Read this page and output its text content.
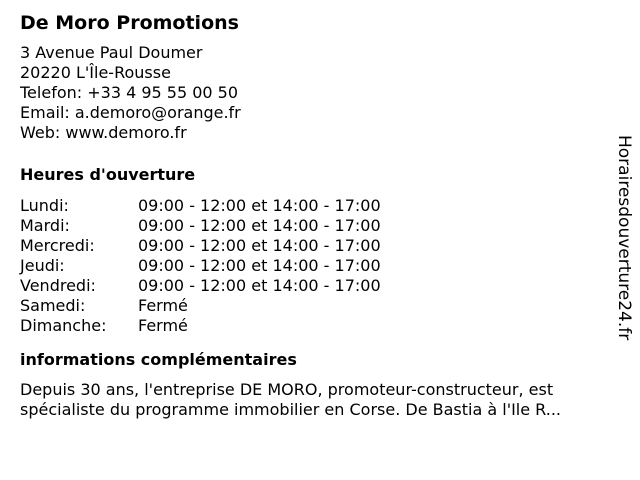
De Moro Promotions
3 Avenue Paul Doumer
20220 L'Île-Rousse
Telefon: +33 4 95 55 00 50
Email: a.demoro@orange.fr
Web: www.demoro.fr
Heures d'ouverture
Lundi:	09:00 - 12:00 et 14:00 - 17:00
Mardi:	09:00 - 12:00 et 14:00 - 17:00
Mercredi:	09:00 - 12:00 et 14:00 - 17:00
Jeudi:	09:00 - 12:00 et 14:00 - 17:00
Vendredi:	09:00 - 12:00 et 14:00 - 17:00
Samedi:	Fermé
Dimanche:	Fermé
informations complémentaires
Depuis 30 ans, l'entreprise DE MORO, promoteur-constructeur, est
spécialiste du programme immobilier en Corse. De Bastia à l'Ile R...
Horairesdouverture24.fr
